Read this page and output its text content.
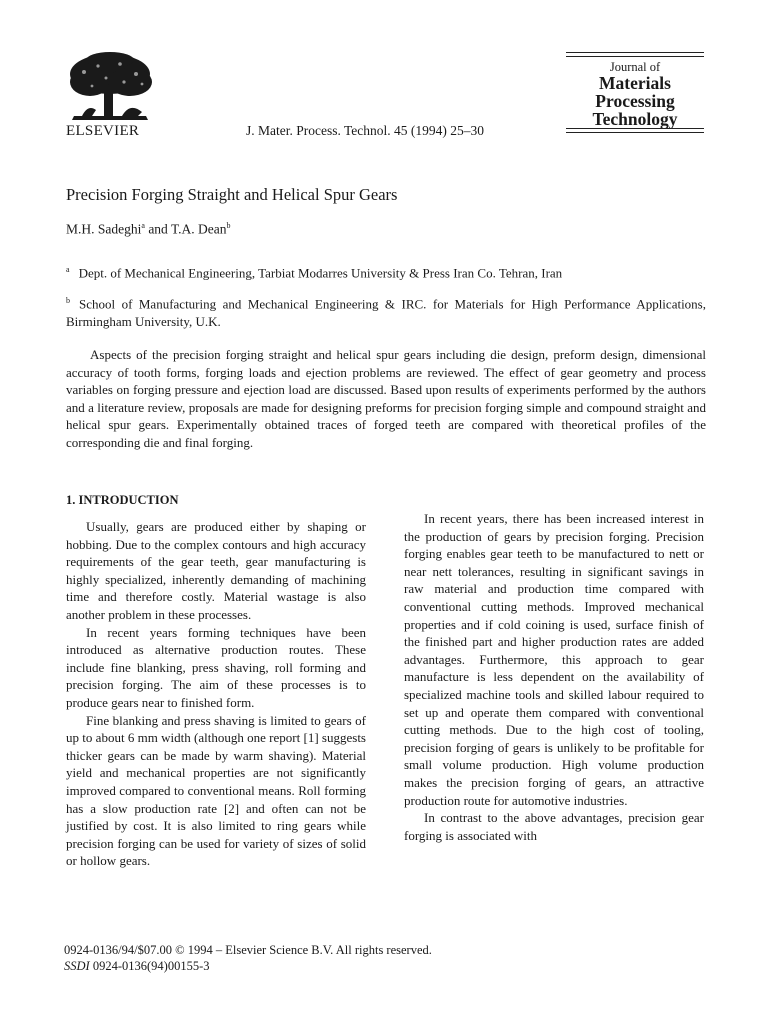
ELSEVIER	J. Mater. Process. Technol. 45 (1994) 25–30
Journal of
Materials
Processing
Technology
Precision Forging Straight and Helical Spur Gears
M.H. Sadeghi$^a$ and T.A. Dean$^b$
$^a$ Dept. of Mechanical Engineering, Tarbiat Modarres University & Press Iran Co. Tehran, Iran
$^b$ School of Manufacturing and Mechanical Engineering & IRC. for Materials for High Performance Applications, Birmingham University, U.K.

Aspects of the precision forging straight and helical spur gears including die design, preform design, dimensional accuracy of tooth forms, forging loads and ejection problems are reviewed. The effect of gear geometry and process variables on forging pressure and ejection load are discussed. Based upon results of experiments performed by the authors and a literature review, proposals are made for designing preforms for precision forging simple and compound straight and helical spur gears. Experimentally obtained traces of forged teeth are compared with theoretical profiles of the corresponding die and final forging.

1. INTRODUCTION

Usually, gears are produced either by shaping or hobbing. Due to the complex contours and high accuracy requirements of the gear teeth, gear manufacturing is highly specialized, inherently demanding of machining time and therefore costly. Material wastage is also another problem in these processes.

In recent years forming techniques have been introduced as alternative production routes. These include fine blanking, press shaving, roll forming and precision forging. The aim of these processes is to produce gears near to finished form.

Fine blanking and press shaving is limited to gears of up to about 6 mm width (although one report [1] suggests thicker gears can be made by warm shaving). Material yield and mechanical properties are not significantly improved compared to conventional means. Roll forming has a slow production rate [2] and often can not be justified by cost. It is also limited to ring gears while precision forging can be used for variety of sizes of solid or hollow gears.

In recent years, there has been increased interest in the production of gears by precision forging. Precision forging enables gear teeth to be manufactured to nett or near nett tolerances, resulting in significant savings in raw material and production time compared with conventional cutting methods. Improved mechanical properties and if cold coining is used, surface finish of the finished part and higher production rates are added advantages. Furthermore, this approach to gear manufacture is less dependent on the availability of specialized machine tools and skilled labour required to set up and operate them compared with conventional cutting methods. Due to the high cost of tooling, precision forging of gears is unlikely to be profitable for small volume production. High volume production makes the precision forging of gears, an attractive production route for automotive industries.

In contrast to the above advantages, precision gear forging is associated with

0924-0136/94/$07.00 © 1994 – Elsevier Science B.V. All rights reserved.
SSDI 0924-0136(94)00155-3
